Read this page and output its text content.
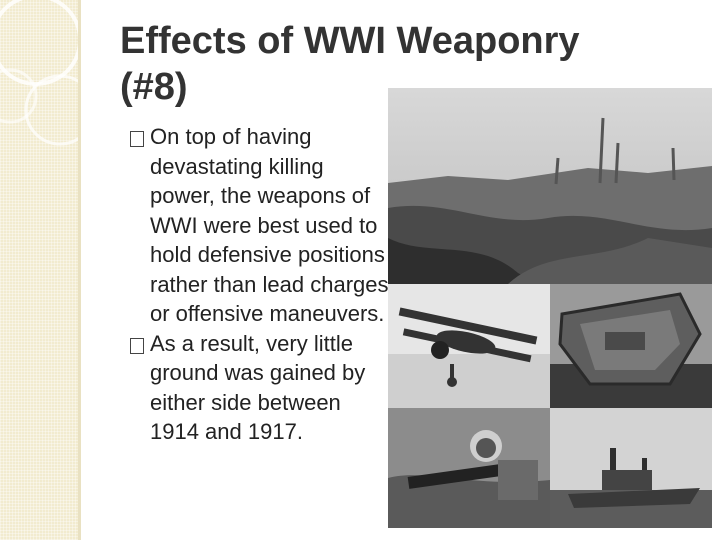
Effects of WWI Weaponry
(#8)
On top of having devastating killing power, the weapons of WWI were best used to hold defensive positions rather than lead charges or offensive maneuvers.
As a result, very little ground was gained by either side between 1914 and 1917.
